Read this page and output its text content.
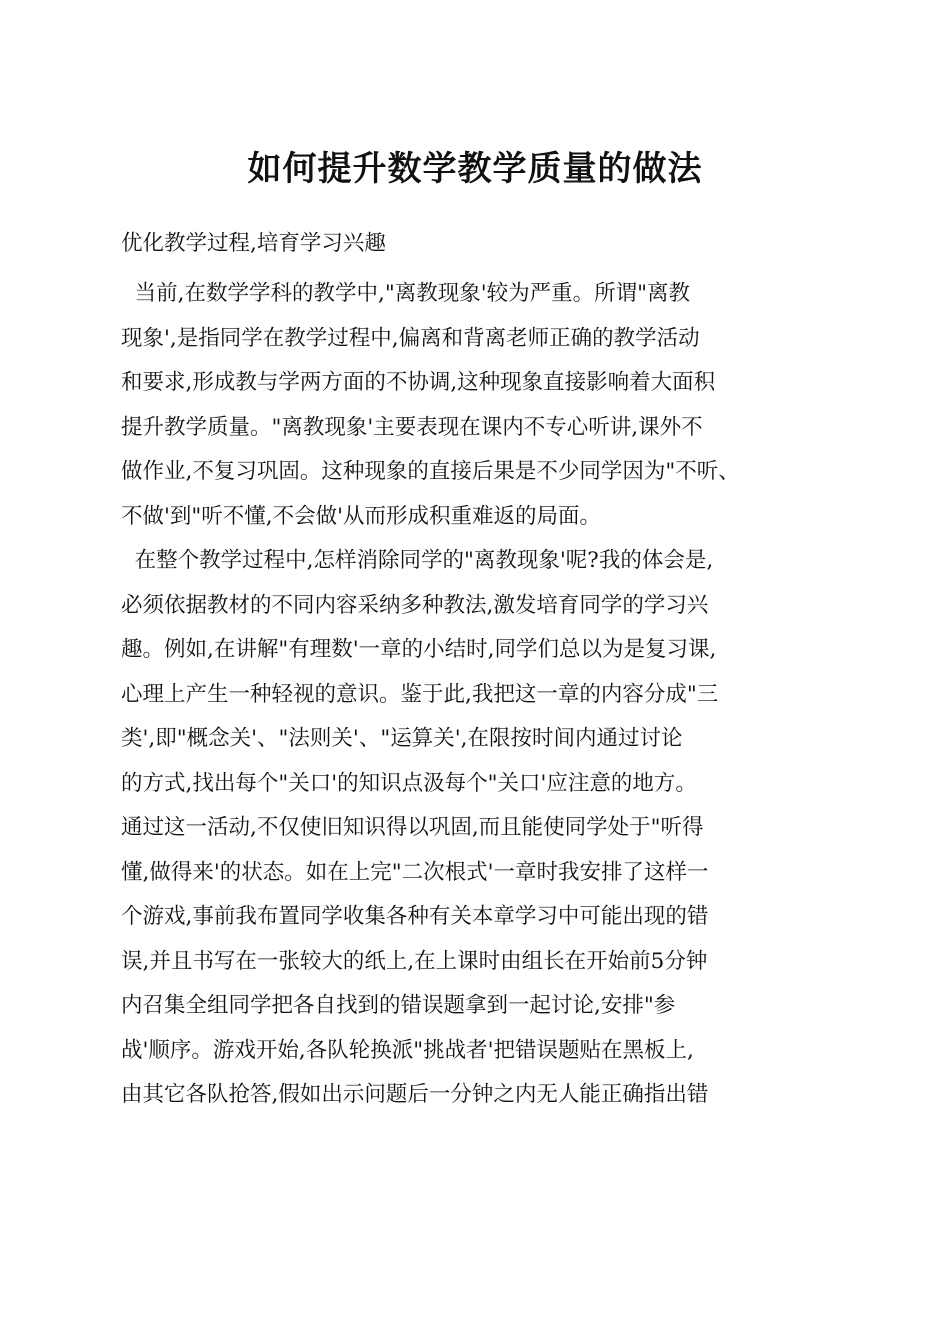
如何提升数学教学质量的做法

优化教学过程,培育学习兴趣

当前,在数学学科的教学中,"离教现象'较为严重。所谓"离教
现象',是指同学在教学过程中,偏离和背离老师正确的教学活动
和要求,形成教与学两方面的不协调,这种现象直接影响着大面积
提升教学质量。"离教现象'主要表现在课内不专心听讲,课外不
做作业,不复习巩固。这种现象的直接后果是不少同学因为"不听、
不做'到"听不懂,不会做'从而形成积重难返的局面。
在整个教学过程中,怎样消除同学的"离教现象'呢?我的体会是,
必须依据教材的不同内容采纳多种教法,激发培育同学的学习兴
趣。例如,在讲解"有理数'一章的小结时,同学们总以为是复习课,
心理上产生一种轻视的意识。鉴于此,我把这一章的内容分成"三
类',即"概念关'、"法则关'、"运算关',在限按时间内通过讨论
的方式,找出每个"关口'的知识点汲每个"关口'应注意的地方。
通过这一活动,不仅使旧知识得以巩固,而且能使同学处于"听得
懂,做得来'的状态。如在上完"二次根式'一章时我安排了这样一
个游戏,事前我布置同学收集各种有关本章学习中可能出现的错
误,并且书写在一张较大的纸上,在上课时由组长在开始前5分钟
内召集全组同学把各自找到的错误题拿到一起讨论,安排"参
战'顺序。游戏开始,各队轮换派"挑战者'把错误题贴在黑板上,
由其它各队抢答,假如出示问题后一分钟之内无人能正确指出错
